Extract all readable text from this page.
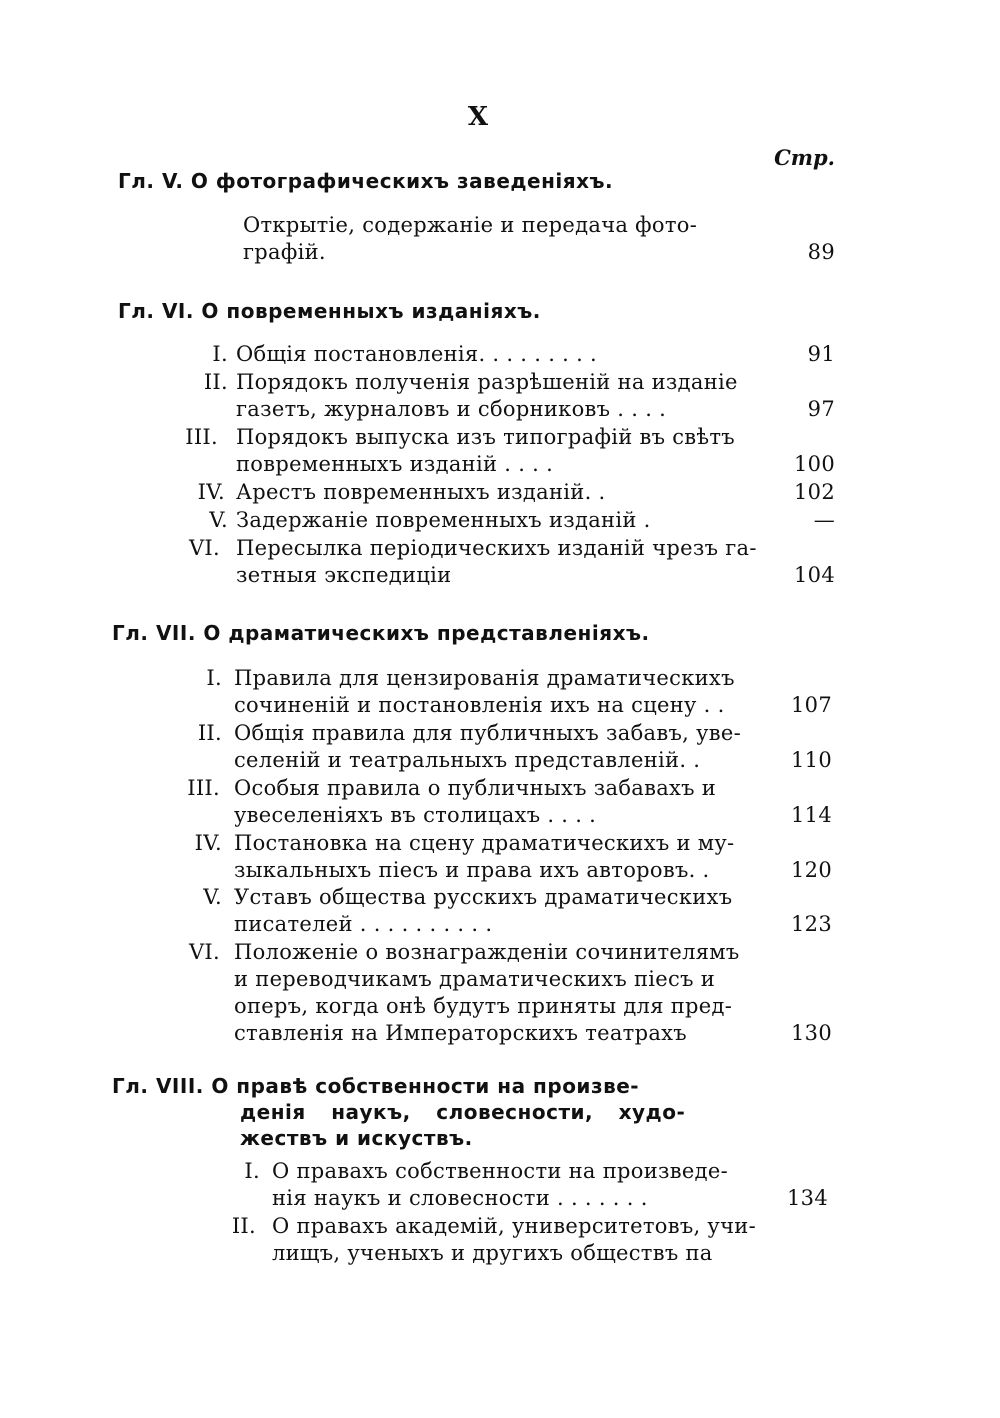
X
Стр.
Гл. V. О фотографическихъ заведеніяхъ.
Открытіе, содержаніе и передача фото-
графій.	89
Гл. VI. О повременныхъ изданіяхъ.
I. Общія постановленія. . . . . . . . .	91
II. Порядокъ полученія разрѣшеній на изданіе
газетъ, журналовъ и сборниковъ . . . .	97
III. Порядокъ выпуска изъ типографій въ свѣтъ
повременныхъ изданій . . . .	100
IV. Арестъ повременныхъ изданій. .	102
V. Задержаніе повременныхъ изданій .	—
VI. Пересылка періодическихъ изданій чрезъ га-
зетныя экспедиціи	104
Гл. VII. О драматическихъ представленіяхъ.
I. Правила для цензированія драматическихъ
сочиненій и постановленія ихъ на сцену . .	107
II. Общія правила для публичныхъ забавъ, уве-
селеній и театральныхъ представленій. .	110
III. Особыя правила о публичныхъ забавахъ и
увеселеніяхъ въ столицахъ . . . .	114
IV. Постановка на сцену драматическихъ и му-
зыкальныхъ піесъ и права ихъ авторовъ. .	120
V. Уставъ общества русскихъ драматическихъ
писателей . . . . . . . . . .	123
VI. Положеніе о вознагражденіи сочинителямъ
и переводчикамъ драматическихъ піесъ и
оперъ, когда онѣ будутъ приняты для пред-
ставленія на Императорскихъ театрахъ	130
Гл. VIII. О правѣ собственности на произве-
денія наукъ, словесности, худо-
жествъ и искуствъ.
I. О правахъ собственности на произведе-
нія наукъ и словесности . . . . . . .	134
II. О правахъ академій, университетовъ, учи-
лищъ, ученыхъ и другихъ обществъ па
